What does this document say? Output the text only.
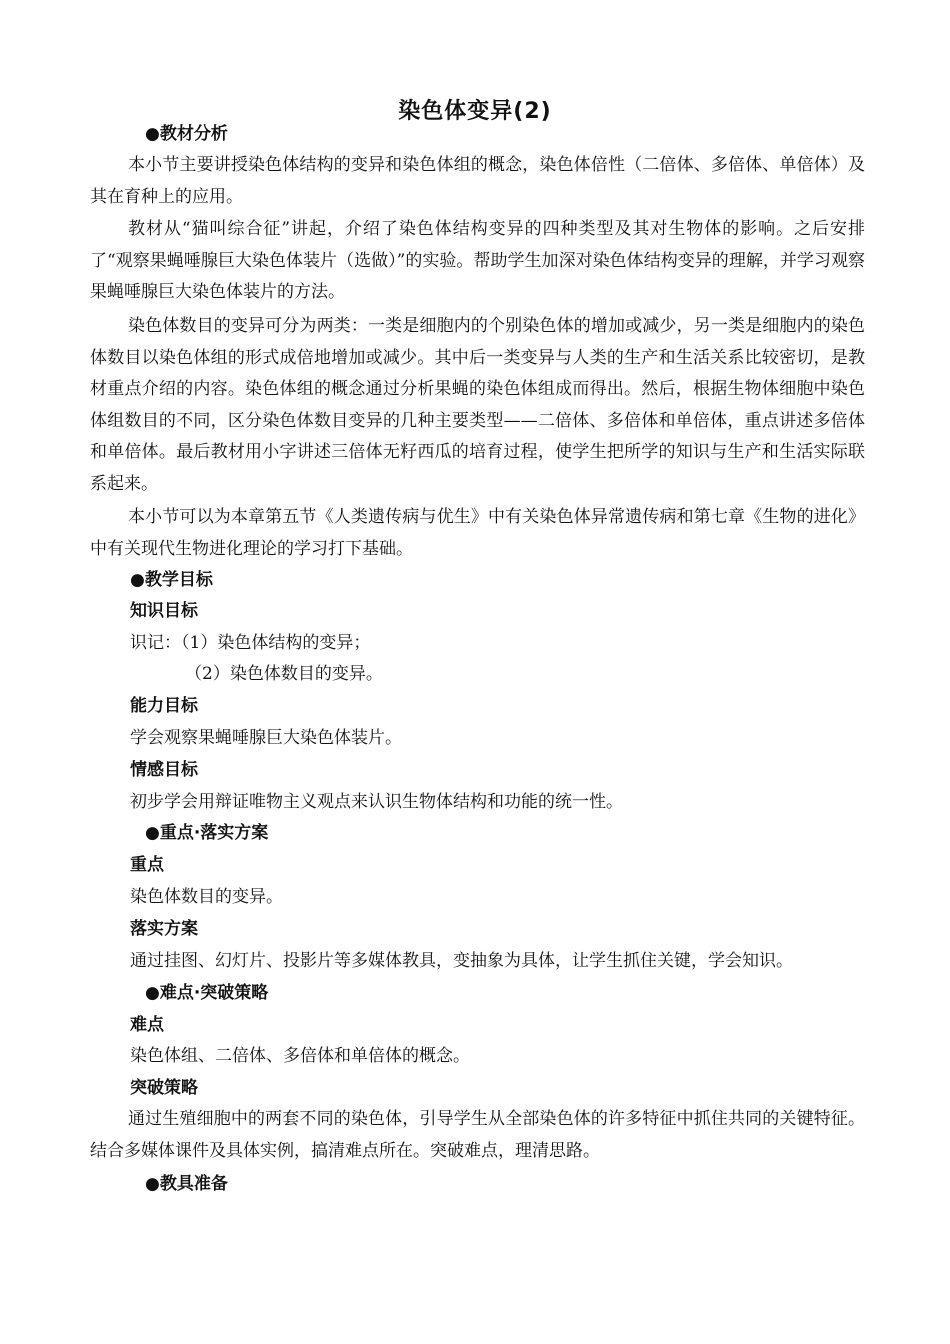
染色体变异(2)
●教材分析
本小节主要讲授染色体结构的变异和染色体组的概念，染色体倍性（二倍体、多倍体、单倍体）及其在育种上的应用。
教材从“猫叫综合征”讲起，介绍了染色体结构变异的四种类型及其对生物体的影响。之后安排了“观察果蝇唾腺巨大染色体装片（选做）”的实验。帮助学生加深对染色体结构变异的理解，并学习观察果蝇唾腺巨大染色体装片的方法。
染色体数目的变异可分为两类：一类是细胞内的个别染色体的增加或减少，另一类是细胞内的染色体数目以染色体组的形式成倍地增加或减少。其中后一类变异与人类的生产和生活关系比较密切，是教材重点介绍的内容。染色体组的概念通过分析果蝇的染色体组成而得出。然后，根据生物体细胞中染色体组数目的不同，区分染色体数目变异的几种主要类型——二倍体、多倍体和单倍体，重点讲述多倍体和单倍体。最后教材用小字讲述三倍体无籽西瓜的培育过程，使学生把所学的知识与生产和生活实际联系起来。
本小节可以为本章第五节《人类遗传病与优生》中有关染色体异常遗传病和第七章《生物的进化》中有关现代生物进化理论的学习打下基础。
●教学目标
知识目标
识记：（1）染色体结构的变异；
（2）染色体数目的变异。
能力目标
学会观察果蝇唾腺巨大染色体装片。
情感目标
初步学会用辩证唯物主义观点来认识生物体结构和功能的统一性。
●重点·落实方案
重点
染色体数目的变异。
落实方案
通过挂图、幻灯片、投影片等多媒体教具，变抽象为具体，让学生抓住关键，学会知识。
●难点·突破策略
难点
染色体组、二倍体、多倍体和单倍体的概念。
突破策略
通过生殖细胞中的两套不同的染色体，引导学生从全部染色体的许多特征中抓住共同的关键特征。结合多媒体课件及具体实例，搞清难点所在。突破难点，理清思路。
●教具准备
